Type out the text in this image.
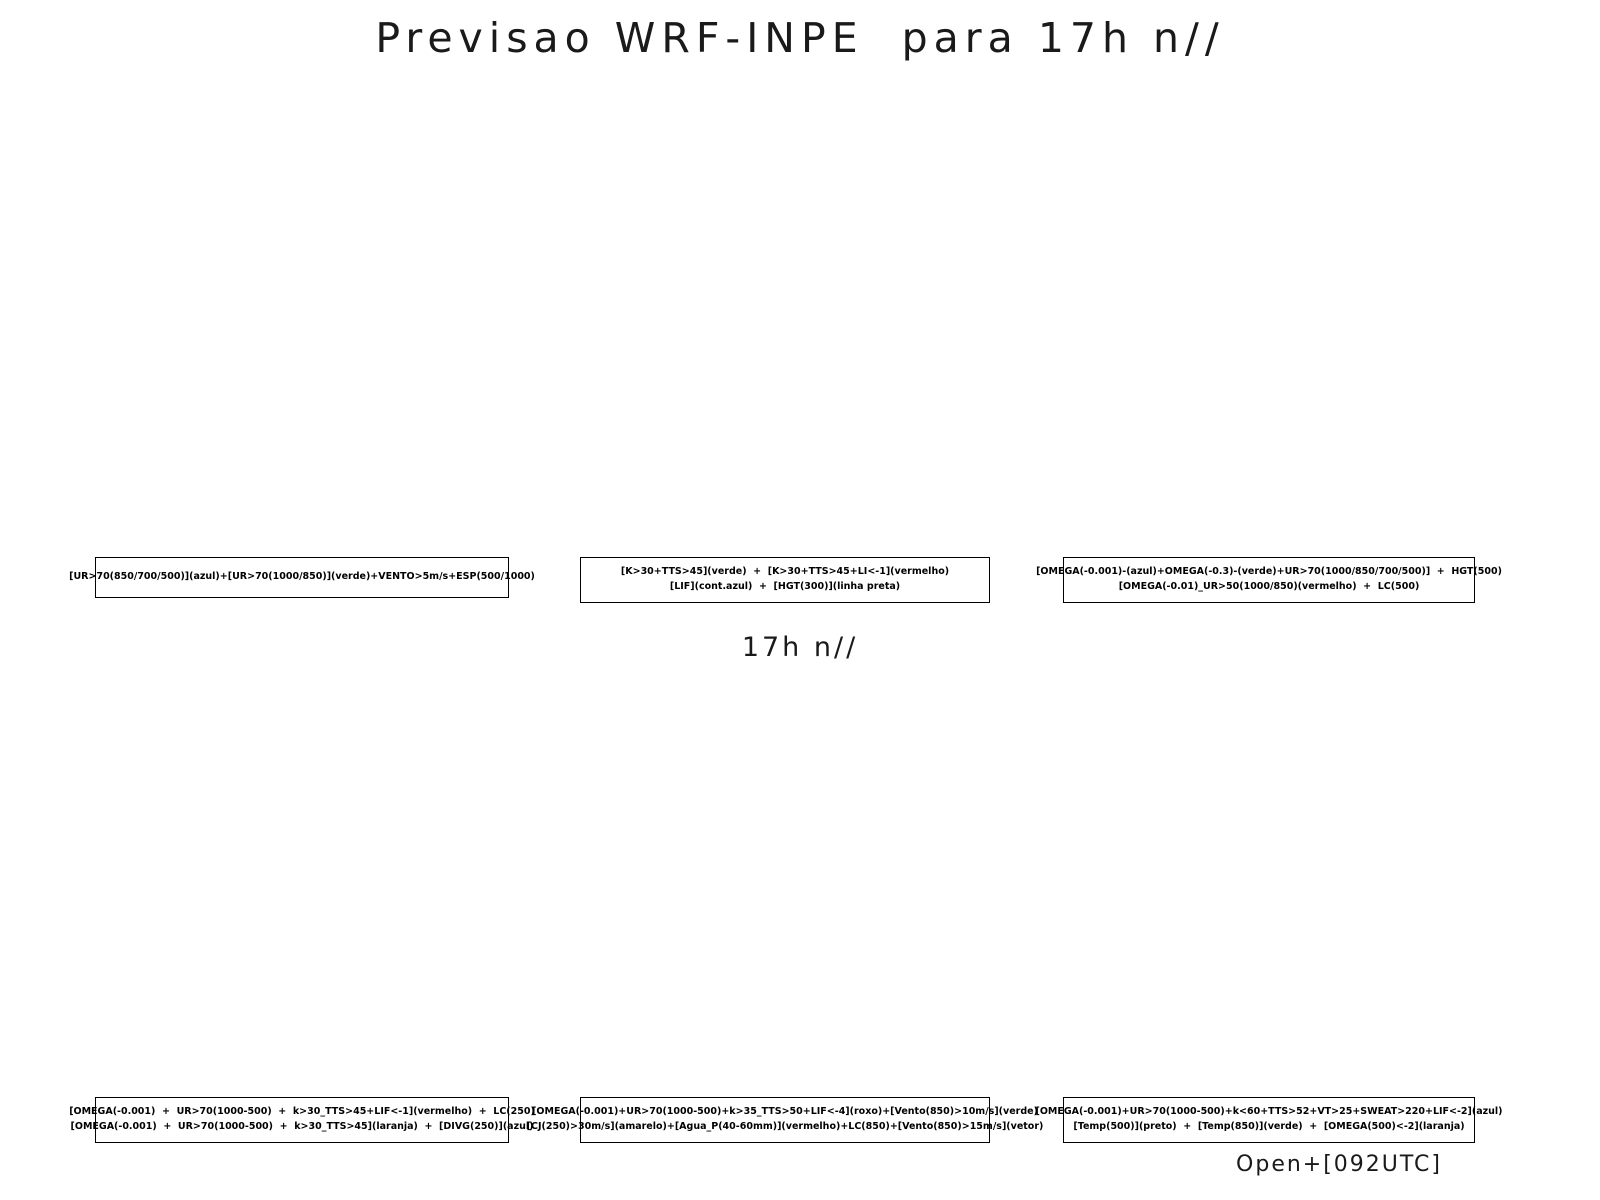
Previsao WRF-INPE  para 17h n//
[UR>70(850/700/500)](azul)+[UR>70(1000/850)](verde)+VENTO>5m/s+ESP(500/1000)	[K>30+TTS>45](verde)  +  [K>30+TTS>45+LI<-1](vermelho)
[LIF](cont.azul)  +  [HGT(300)](linha preta)
[OMEGA(-0.001)-(azul)+OMEGA(-0.3)-(verde)+UR>70(1000/850/700/500)]  +  HGT(500)
[OMEGA(-0.01)_UR>50(1000/850)(vermelho)  +  LC(500)
17h n//
[OMEGA(-0.001)  +  UR>70(1000-500)  +  k>30_TTS>45+LIF<-1](vermelho)  +  LC(250)
[OMEGA(-0.001)  +  UR>70(1000-500)  +  k>30_TTS>45](laranja)  +  [DIVG(250)](azul)
[OMEGA(-0.001)+UR>70(1000-500)+k>35_TTS>50+LIF<-4](roxo)+[Vento(850)>10m/s](verde)
[CJ(250)>30m/s](amarelo)+[Agua_P(40-60mm)](vermelho)+LC(850)+[Vento(850)>15m/s](vetor)
[OMEGA(-0.001)+UR>70(1000-500)+k<60+TTS>52+VT>25+SWEAT>220+LIF<-2](azul)
[Temp(500)](preto)  +  [Temp(850)](verde)  +  [OMEGA(500)<-2](laranja)
Open+[092UTC]
